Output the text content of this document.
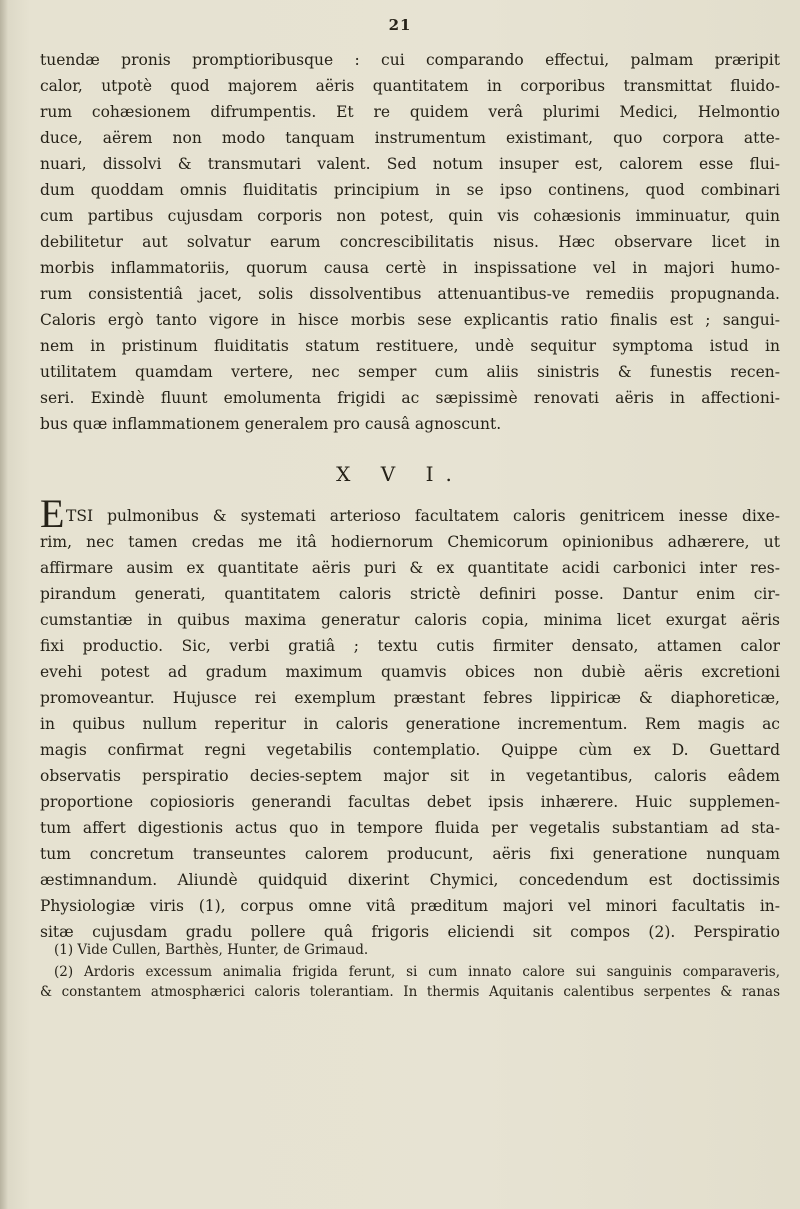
21
tuendæ pronis promptioribusque : cui comparando effectui, palmam præripit
calor, utpotè quod majorem aëris quantitatem in corporibus transmittat fluido-
rum cohæsionem difrumpentis. Et re quidem verâ plurimi Medici, Helmontio
duce, aërem non modo tanquam instrumentum existimant, quo corpora atte-
nuari, dissolvi & transmutari valent. Sed notum insuper est, calorem esse flui-
dum quoddam omnis fluiditatis principium in se ipso continens, quod combinari
cum partibus cujusdam corporis non potest, quin vis cohæsionis imminuatur, quin
debilitetur aut solvatur earum concrescibilitatis nisus. Hæc observare licet in
morbis inflammatoriis, quorum causa certè in inspissatione vel in majori humo-
rum consistentiâ jacet, solis dissolventibus attenuantibus-ve remediis propugnanda.
Caloris ergò tanto vigore in hisce morbis sese explicantis ratio finalis est ; sangui-
nem in pristinum fluiditatis statum restituere, undè sequitur symptoma istud in
utilitatem quamdam vertere, nec semper cum aliis sinistris & funestis recen-
seri. Exindè fluunt emolumenta frigidi ac sæpissimè renovati aëris in affectioni-
bus quæ inflammationem generalem pro causâ agnoscunt.
X V I.
E TSI pulmonibus & systemati arterioso facultatem caloris genitricem inesse dixe-
rim, nec tamen credas me itâ hodiernorum Chemicorum opinionibus adhærere, ut
affirmare ausim ex quantitate aëris puri & ex quantitate acidi carbonici inter res-
pirandum generati, quantitatem caloris strictè definiri posse. Dantur enim cir-
cumstantiæ in quibus maxima generatur caloris copia, minima licet exurgat aëris
fixi productio. Sic, verbi gratiâ ; textu cutis firmiter densato, attamen calor
evehi potest ad gradum maximum quamvis obices non dubiè aëris excretioni
promoveantur. Hujusce rei exemplum præstant febres lippiricæ & diaphoreticæ,
in quibus nullum reperitur in caloris generatione incrementum. Rem magis ac
magis confirmat regni vegetabilis contemplatio. Quippe cùm ex D. Guettard
observatis perspiratio decies-septem major sit in vegetantibus, caloris eâdem
proportione copiosioris generandi facultas debet ipsis inhærere. Huic supplemen-
tum affert digestionis actus quo in tempore fluida per vegetalis substantiam ad sta-
tum concretum transeuntes calorem producunt, aëris fixi generatione nunquam
æstimnandum. Aliundè quidquid dixerint Chymici, concedendum est doctissimis
Physiologiæ viris (1), corpus omne vitâ præditum majori vel minori facultatis in-
sitæ cujusdam gradu pollere quâ frigoris eliciendi sit compos (2). Perspiratio
(1) Vide Cullen, Barthès, Hunter, de Grimaud.
(2) Ardoris excessum animalia frigida ferunt, si cum innato calore sui sanguinis comparaveris,
& constantem atmosphærici caloris tolerantiam. In thermis Aquitanis calentibus serpentes & ranas
